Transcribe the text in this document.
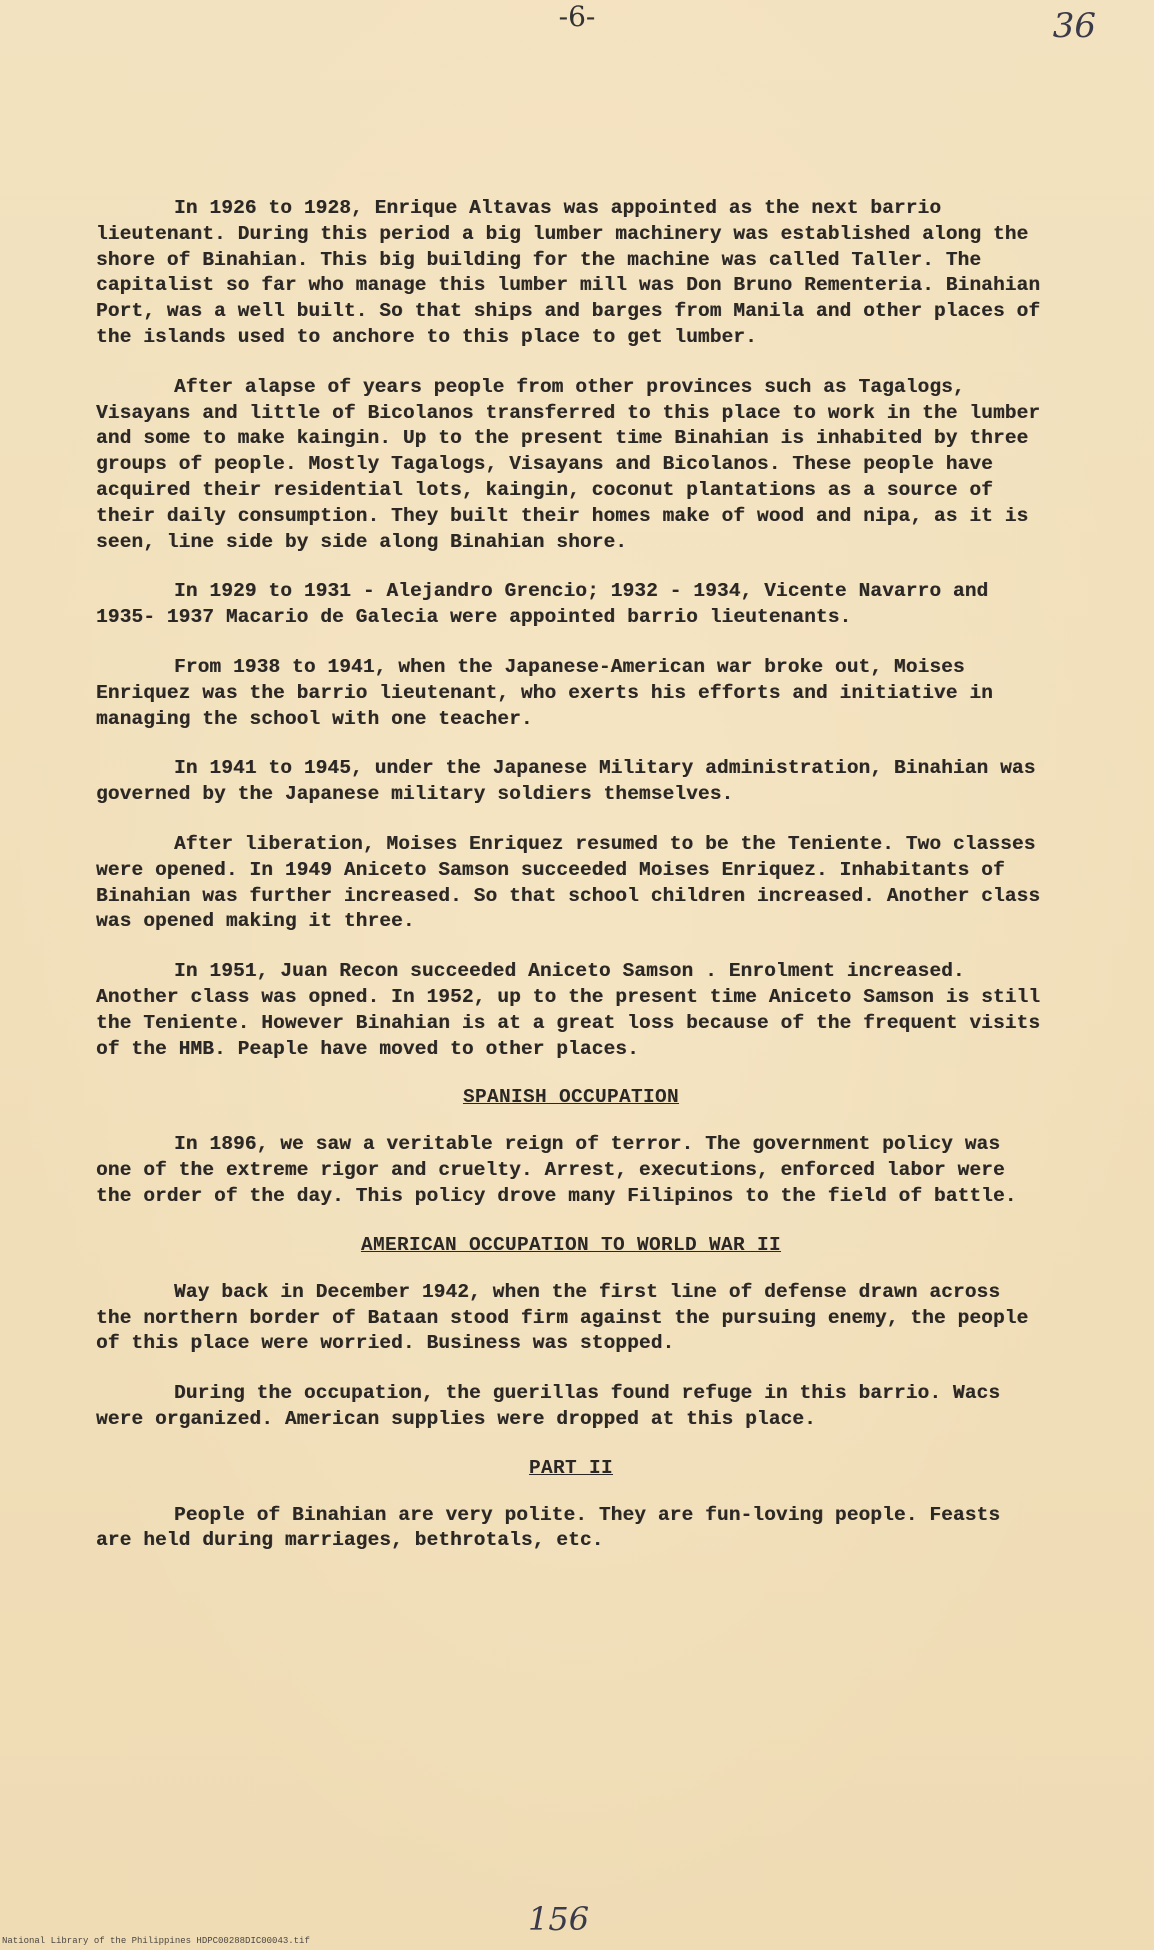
36
-6-

In 1926 to 1928, Enrique Altavas was appointed as the next barrio lieutenant. During this period a big lumber machinery was established along the shore of Binahian. This big building for the machine was called Taller. The capitalist so far who manage this lumber mill was Don Bruno Rementeria. Binahian Port, was a well built. So that ships and barges from Manila and other places of the islands used to anchore to this place to get lumber.

After alapse of years people from other provinces such as Tagalogs, Visayans and little of Bicolanos transferred to this place to work in the lumber and some to make kaingin. Up to the present time Binahian is inhabited by three groups of people. Mostly Tagalogs, Visayans and Bicolanos. These people have acquired their residential lots, kaingin, coconut plantations as a source of their daily consumption. They built their homes make of wood and nipa, as it is seen, line side by side along Binahian shore.

In 1929 to 1931 - Alejandro Grencio; 1932 - 1934, Vicente Navarro and 1935- 1937 Macario de Galecia were appointed barrio lieutenants.

From 1938 to 1941, when the Japanese-American war broke out, Moises Enriquez was the barrio lieutenant, who exerts his efforts and initiative in managing the school with one teacher.

In 1941 to 1945, under the Japanese Military administration, Binahian was governed by the Japanese military soldiers themselves.

After liberation, Moises Enriquez resumed to be the Teniente. Two classes were opened. In 1949 Aniceto Samson succeeded Moises Enriquez. Inhabitants of Binahian was further increased. So that school children increased. Another class was opened making it three.

In 1951, Juan Recon succeeded Aniceto Samson . Enrolment increased. Another class was opned. In 1952, up to the present time Aniceto Samson is still the Teniente. However Binahian is at a great loss because of the frequent visits of the HMB. Peaple have moved to other places.

SPANISH OCCUPATION

In 1896, we saw a veritable reign of terror. The government policy was one of the extreme rigor and cruelty. Arrest, executions, enforced labor were the order of the day. This policy drove many Filipinos to the field of battle.

AMERICAN OCCUPATION TO WORLD WAR II

Way back in December 1942, when the first line of defense drawn across the northern border of Bataan stood firm against the pursuing enemy, the people of this place were worried. Business was stopped.

During the occupation, the guerillas found refuge in this barrio. Wacs were organized. American supplies were dropped at this place.

PART II

People of Binahian are very polite. They are fun-loving people. Feasts are held during marriages, bethrotals, etc.

156
National Library of the Philippines HDPC00288DIC00043.tif
